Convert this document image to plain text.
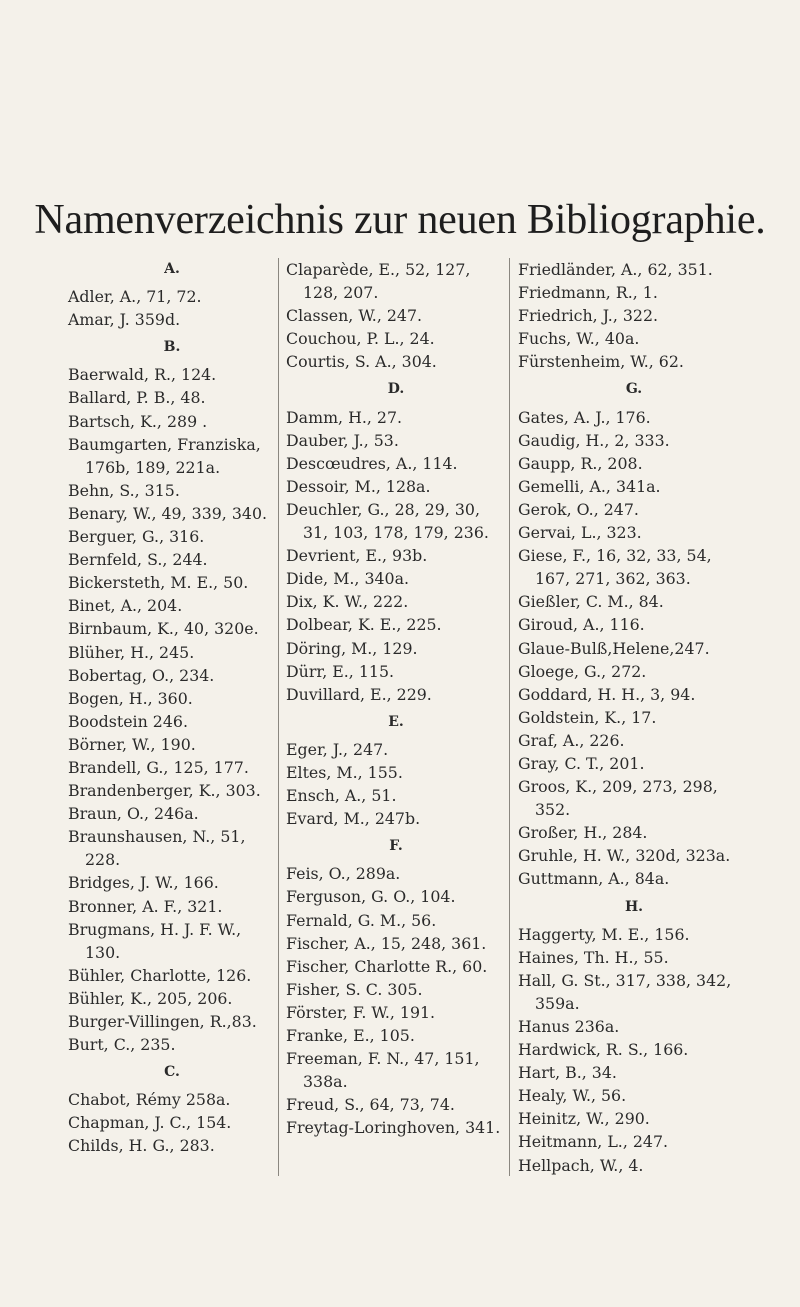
Namenverzeichnis zur neuen Bibliographie.
A.
Adler, A., 71, 72.
Amar, J. 359d.
B.
Baerwald, R., 124.
Ballard, P. B., 48.
Bartsch, K., 289 .
Baumgarten, Franziska, 176b, 189, 221a.
Behn, S., 315.
Benary, W., 49, 339, 340.
Berguer, G., 316.
Bernfeld, S., 244.
Bickersteth, M. E., 50.
Binet, A., 204.
Birnbaum, K., 40, 320e.
Blüher, H., 245.
Bobertag, O., 234.
Bogen, H., 360.
Boodstein 246.
Börner, W., 190.
Brandell, G., 125, 177.
Brandenberger, K., 303.
Braun, O., 246a.
Braunshausen, N., 51, 228.
Bridges, J. W., 166.
Bronner, A. F., 321.
Brugmans, H. J. F. W., 130.
Bühler, Charlotte, 126.
Bühler, K., 205, 206.
Burger-Villingen, R.,83.
Burt, C., 235.
C.
Chabot, Rémy 258a.
Chapman, J. C., 154.
Childs, H. G., 283.
Claparède, E., 52, 127, 128, 207.
Classen, W., 247.
Couchou, P. L., 24.
Courtis, S. A., 304.
D.
Damm, H., 27.
Dauber, J., 53.
Descœudres, A., 114.
Dessoir, M., 128a.
Deuchler, G., 28, 29, 30, 31, 103, 178, 179, 236.
Devrient, E., 93b.
Dide, M., 340a.
Dix, K. W., 222.
Dolbear, K. E., 225.
Döring, M., 129.
Dürr, E., 115.
Duvillard, E., 229.
E.
Eger, J., 247.
Eltes, M., 155.
Ensch, A., 51.
Evard, M., 247b.
F.
Feis, O., 289a.
Ferguson, G. O., 104.
Fernald, G. M., 56.
Fischer, A., 15, 248, 361.
Fischer, Charlotte R., 60.
Fisher, S. C. 305.
Förster, F. W., 191.
Franke, E., 105.
Freeman, F. N., 47, 151, 338a.
Freud, S., 64, 73, 74.
Freytag-Loringhoven, 341.
Friedländer, A., 62, 351.
Friedmann, R., 1.
Friedrich, J., 322.
Fuchs, W., 40a.
Fürstenheim, W., 62.
G.
Gates, A. J., 176.
Gaudig, H., 2, 333.
Gaupp, R., 208.
Gemelli, A., 341a.
Gerok, O., 247.
Gervai, L., 323.
Giese, F., 16, 32, 33, 54, 167, 271, 362, 363.
Gießler, C. M., 84.
Giroud, A., 116.
Glaue-Bulß,Helene,247.
Gloege, G., 272.
Goddard, H. H., 3, 94.
Goldstein, K., 17.
Graf, A., 226.
Gray, C. T., 201.
Groos, K., 209, 273, 298, 352.
Großer, H., 284.
Gruhle, H. W., 320d, 323a.
Guttmann, A., 84a.
H.
Haggerty, M. E., 156.
Haines, Th. H., 55.
Hall, G. St., 317, 338, 342, 359a.
Hanus 236a.
Hardwick, R. S., 166.
Hart, B., 34.
Healy, W., 56.
Heinitz, W., 290.
Heitmann, L., 247.
Hellpach, W., 4.
